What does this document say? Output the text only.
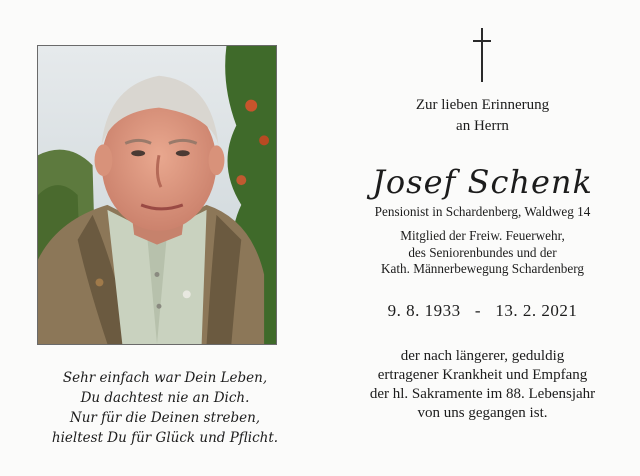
Sehr einfach war Dein Leben,
Du dachtest nie an Dich.
Nur für die Deinen streben,
hieltest Du für Glück und Pflicht.
Zur lieben Erinnerung
an Herrn
Josef Schenk
Pensionist in Schardenberg, Waldweg 14
Mitglied der Freiw. Feuerwehr,
des Seniorenbundes und der
Kath. Männerbewegung Schardenberg
9. 8. 1933 - 13. 2. 2021
der nach längerer, geduldig
ertragener Krankheit und Empfang
der hl. Sakramente im 88. Lebensjahr
von uns gegangen ist.
